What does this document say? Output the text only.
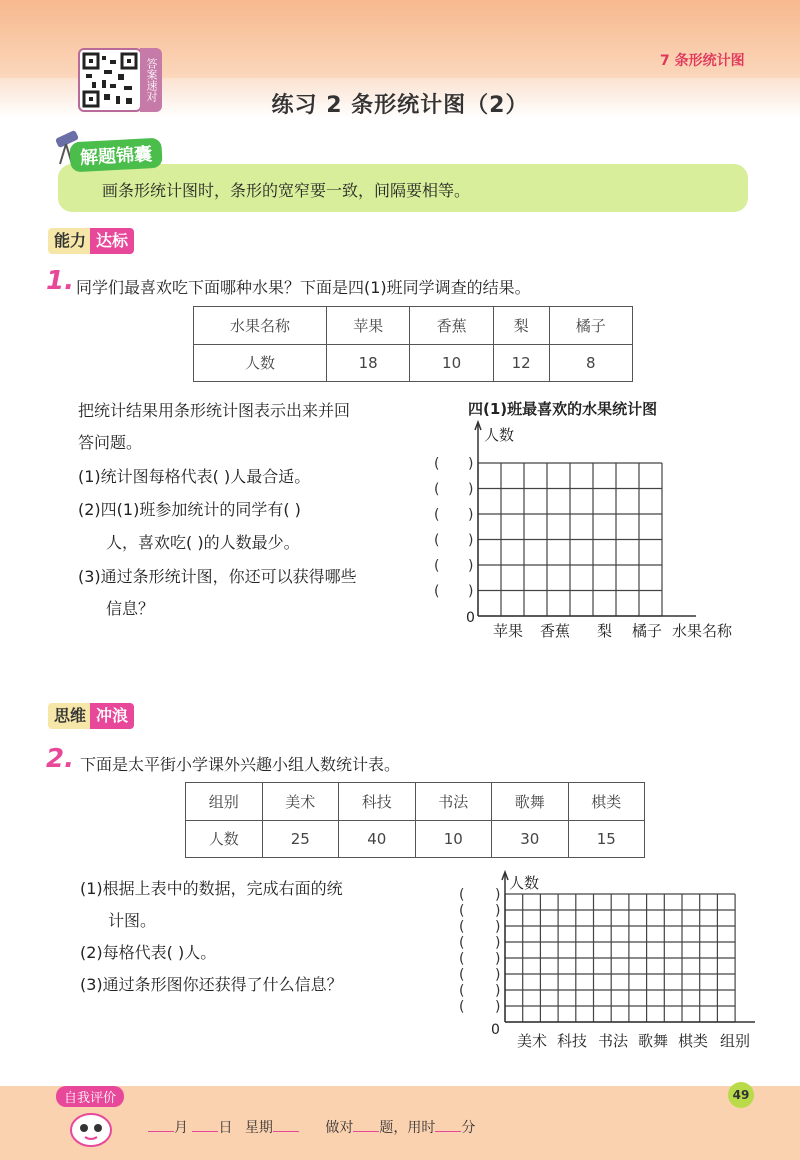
答案速对	7 条形统计图
练习 2 条形统计图（2）
解题锦囊
画条形统计图时，条形的宽窄要一致，间隔要相等。
能力 达标
1. 同学们最喜欢吃下面哪种水果？下面是四(1)班同学调查的结果。
水果名称	苹果	香蕉	梨	橘子
人数	18	10	12	8
把统计结果用条形统计图表示出来并回
答问题。
(1)统计图每格代表( )人最合适。
(2)四(1)班参加统计的同学有( )
人，喜欢吃( )的人数最少。
(3)通过条形统计图，你还可以获得哪些
信息？
四(1)班最喜欢的水果统计图
人数
0
水果名称
苹果 香蕉 梨 橘子
( )
( )
( )
( )
( )
( )
思维 冲浪
2. 下面是太平街小学课外兴趣小组人数统计表。
组别	美术	科技	书法	歌舞	棋类
人数	25	40	10	30	15
(1)根据上表中的数据，完成右面的统
计图。
(2)每格代表( )人。
(3)通过条形图你还获得了什么信息？
人数
0
美术 科技 书法 歌舞 棋类 组别
( )
( )
( )
( )
( )
( )
( )
( )
自我评价
月 日 星期	做对 题，用时 分
49
